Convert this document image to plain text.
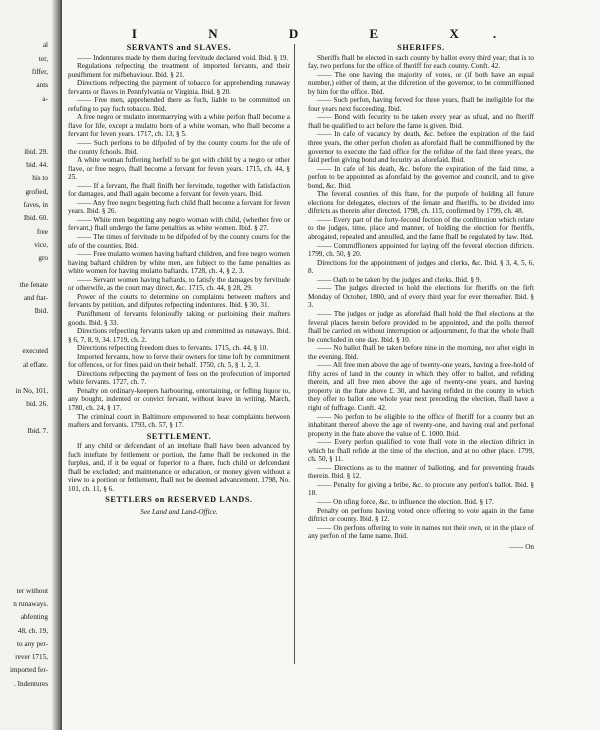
al
ter,
fiffer,
ants
a-
ibid. 29.
bid. 44.
his to
grofied,
faves, in
Ibid. 60.
free
vice,
gro
the fenate
and ftat-
Ibid.
executed
al effate.
in No, 101,
bid. 26.
Ibid. 7.
ter without
n runaways.
abfenting
48, ch. 19,
to any per-
rever 1715,
imported fer-
. Indentures
I N D E X.
SERVANTS and SLAVES.

—— Indentures made by them during fervitude declared void. Ibid. § 19.

Regulations refpecting the treatment of imported fervants, and their punifhment for mifbehaviour. Ibid. § 21.

Directions refpecting the payment of tobacco for apprehending runaway fervants or flaves in Pennfylvania or Virginia. Ibid. § 20.

—— Free men, apprehended there as fuch, liable to be committed on refufing to pay fuch tobacco. Ibid.

A free negro or mulatto intermarrying with a white perfon fhall become a flave for life, except a mulatto born of a white woman, who fhall become a fervant for feven years. 1717, ch. 13, § 5.

—— Such perfons to be difpofed of by the county courts for the ufe of the county fchools. Ibid.

A white woman fuffering herfelf to be got with child by a negro or other flave, or free negro, fhall become a fervant for feven years. 1715, ch. 44, § 25.

—— If a fervant, fhe fhall finifh her fervitude, together with fatisfaction for damages, and fhall again become a fervant for feven years. Ibid.

—— Any free negro begetting fuch child fhall become a fervant for feven years. Ibid. § 26.

—— White men begetting any negro woman with child, (whether free or fervant,) fhall undergo the fame penalties as white women. Ibid. § 27.

—— The times of fervitude to be difpofed of by the county courts for the ufe of the counties. Ibid.

—— Free mulatto women having baftard children, and free negro women having baftard children by white men, are fubject to the fame penalties as white women for having mulatto baftards. 1728, ch. 4, § 2, 3.

—— Servant women having baftards, to fatisfy the damages by fervitude or otherwife, as the court may direct, &c. 1715, ch. 44, § 28, 29.

Power of the courts to determine on complaints between mafters and fervants by petition, and difputes refpecting indentures. Ibid. § 30, 31.

Punifhment of fervants felonioufly taking or purloining their mafters goods. Ibid. § 33.

Directions refpecting fervants taken up and committed as runaways. Ibid. § 6, 7, 8, 9, 34. 1719, ch. 2.

Directions refpecting freedom dues to fervants. 1715, ch. 44, § 10.

Imported fervants, how to ferve their owners for time loft by commitment for offences, or for fines paid on their behalf. 1750, ch. 5, § 1, 2, 3.

Directions refpecting the payment of fees on the profecution of imported white fervants. 1727, ch. 7.

Penalty on ordinary-keepers harbouring, entertaining, or felling liquor to, any bought, indented or convict fervant, without leave in writing. March, 1780, ch. 24, § 17.

The criminal court in Baltimore empowered to hear complaints between mafters and fervants. 1793, ch. 57, § 17.

SETTLEMENT.

If any child or defcendant of an inteftate fhall have been advanced by fuch inteftate by fettlement or portion, the fame fhall be reckoned in the furplus, and, if it be equal or fuperior to a fhare, fuch child or defcendant fhall be excluded; and maintenance or education, or money given without a view to a portion or fettlement, fhall not be deemed advancement. 1798, No. 101, ch. 11, § 6.

SETTLERS on RESERVED LANDS.
See Land and Land-Office.
SHERIFFS.

Sheriffs fhall be elected in each county by ballot every third year; that is to fay, two perfons for the office of fheriff for each county. Conft. 42.

—— The one having the majority of votes, or (if both have an equal number,) either of them, at the difcretion of the governor, to be commiffioned by him for the office. Ibid.

—— Such perfon, having ferved for three years, fhall be ineligible for the four years next fucceeding. Ibid.

—— Bond with fecurity to be taken every year as ufual, and no fheriff fhall be qualified to act before the fame is given. Ibid.

—— In cafe of vacancy by death, &c. before the expiration of the faid three years, the other perfon chofen as aforefaid fhall be commiffioned by the governor to execute the faid office for the refidue of the faid three years, the faid perfon giving bond and fecurity as aforefaid. Ibid.

—— In cafe of his death, &c. before the expiration of the faid time, a perfon to be appointed as aforefaid by the governor and council, and to give bond, &c. Ibid.

The feveral counties of this ftate, for the purpofe of holding all future elections for delegates, electors of the fenate and fheriffs, to be divided into diftricts as therein after directed. 1798, ch. 115, confirmed by 1799, ch. 48.

—— Every part of the forty-fecond fection of the conftitution which relate to the judges, time, place and manner, of holding the election for fheriffs, abrogated, repealed and annulled, and the fame fhall be regulated by law. Ibid.

—— Commiffioners appointed for laying off the feveral election diftricts. 1799, ch. 50, § 20.

Directions for the appointment of judges and clerks, &c. Ibid. § 3, 4, 5, 6, 8.

—— Oath to be taken by the judges and clerks. Ibid. § 9.

—— The judges directed to hold the elections for fheriffs on the firft Monday of October, 1800, and of every third year for ever thereafter. Ibid. § 3.

—— The judges or judge as aforefaid fhall hold the fhel elections at the feveral places herein before provided to be appointed, and the polls thereof fhall be carried on without interruption or adjournment, fo that the whole fhall be concluded in one day. Ibid. § 10.

—— No ballot fhall be taken before nine in the morning, nor after eight in the evening. Ibid.

—— All free men above the age of twenty-one years, having a free-hold of fifty acres of land in the county in which they offer to ballot, and refiding therein, and all free men above the age of twenty-one years, and having property in the ftate above £. 30, and having refided in the county in which they offer to ballot one whole year next preceding the election, fhall have a right of fuffrage. Conft. 42.

—— No perfon to be eligible to the office of fheriff for a county but an inhabitant thereof above the age of twenty-one, and having real and perfonal property in the ftate above the value of £. 1000. Ibid.

—— Every perfon qualified to vote fhall vote in the election diftrict in which he fhall refide at the time of the election, and at no other place. 1799, ch. 50, § 11.

—— Directions as to the manner of balloting, and for preventing frauds therein. Ibid. § 12.

—— Penalty for giving a bribe, &c. to procure any perfon's ballot. Ibid. § 18.

—— On ufing force, &c. to influence the election. Ibid. § 17.

Penalty on perfons having voted once offering to vote again in the fame diftrict or county. Ibid. § 12.

—— On perfons offering to vote in names not their own, or in the place of any perfon of the fame name. Ibid.

—— On
